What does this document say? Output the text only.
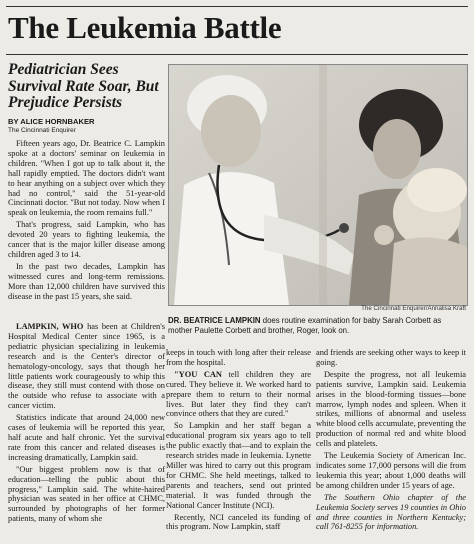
The Leukemia Battle
Pediatrician Sees Survival Rate Soar, But Prejudice Persists
BY ALICE HORNBAKER
The Cincinnati Enquirer

Fifteen years ago, Dr. Beatrice C. Lampkin spoke at a doctors' seminar on leukemia in children. "When I got up to talk about it, the hall rapidly emptied. The doctors didn't want to hear anything on a subject over which they had no control," said the 51-year-old Cincinnati doctor. "But not today. Now when I speak on leukemia, the room remains full."

That's progress, said Lampkin, who has devoted 20 years to fighting leukemia, the cancer that is the major killer disease among children aged 3 to 14.

In the past two decades, Lampkin has witnessed cures and long-term remissions. More than 12,000 children have survived this disease in the past 15 years, she said.

LAMPKIN, WHO has been at Children's Hospital Medical Center since 1965, is a pediatric physician specializing in leukemia research and is the Center's director of hematology-oncology, says that though her little patients work courageously to whip this disease, they still must contend with those on the outside who refuse to associate with a cancer victim.

Statistics indicate that around 24,000 new cases of leukemia will be reported this year, half acute and half chronic. Yet the survival rate from this cancer and related diseases is increasing dramatically, Lampkin said.

"Our biggest problem now is that of education—telling the public about this progress," Lampkin said. The white-haired physician was seated in her office at CHMC, surrounded by photographs of her former patients, many of whom she

The Cincinnati Enquirer/Annalisa Kraft
DR. BEATRICE LAMPKIN does routine examination for baby Sarah Corbett as mother Paulette Corbett and brother, Roger, look on.

keeps in touch with long after their release from the hospital.

"YOU CAN tell children they are cured. They believe it. We worked hard to prepare them to return to their normal lives. But later they find they can't convince others that they are cured."

So Lampkin and her staff began a educational program six years ago to tell the public exactly that—and to explain the research strides made in leukemia. Lynette Miller was hired to carry out this program for CHMC. She held meetings, talked to parents and teachers, send out printed material. It was funded through the National Cancer Institute (NCI).

Recently, NCI canceled its funding of this program. Now Lampkin, staff

and friends are seeking other ways to keep it going.

Despite the progress, not all leukemia patients survive, Lampkin said. Leukemia arises in the blood-forming tissues—bone marrow, lymph nodes and spleen. When it strikes, millions of abnormal and useless white blood cells accumulate, preventing the production of normal red and white blood cells and platelets.

The Leukemia Society of American Inc. indicates some 17,000 persons will die from leukemia this year; about 1,000 deaths will be among children under 15 years of age.

The Southern Ohio chapter of the Leukemia Society serves 19 counties in Ohio and three counties in Northern Kentucky; call 761-8255 for information.
